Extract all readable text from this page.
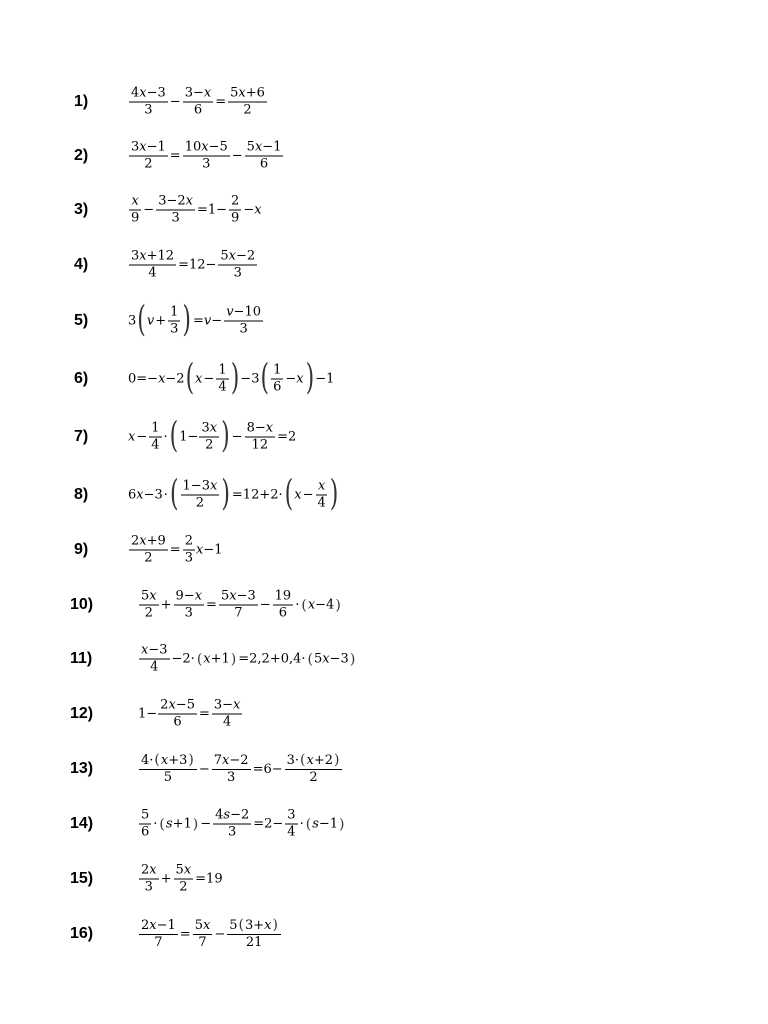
1)	$\frac{4x-3}{3} - \frac{3-x}{6} = \frac{5x+6}{2}$
2)	$\frac{3x-1}{2} = \frac{10x-5}{3} - \frac{5x-1}{6}$
3)	$\frac{x}{9} - \frac{3-2x}{3} =1- \frac{2}{9} -x$
4)	$\frac{3x+12}{4} =12- \frac{5x-2}{3}$
5)	3 ( $v + \frac{1}{3}$ ) $=v- \frac{v-10}{3}$
6)	0=−x−2 ( $x - \frac{1}{4}$ ) −3 ( $\frac{1}{6} -x$ ) −1
7)	$x - \frac{1}{4}$ · ( $1- \frac{3x}{2}$ ) − $\frac{8-x}{12} =2$
8)	6x−3 · ( $\frac{1-3x}{2}$ ) =12+2· ( $x - \frac{x}{4}$ )
9)	$\frac{2x+9}{2} = \frac{2}{3} x-1$
10)	$\frac{5x}{2} + \frac{9-x}{3} = \frac{5x-3}{7} - \frac{19}{6}$ · ( x −4 )
11)	$\frac{x-3}{4} -2\cdot$ ( x +1 ) =2,2+0,4· ( 5 x −3 )
12)	$1- \frac{2x-5}{6} = \frac{3-x}{4}$
13)	$\frac{4\cdot(x+3)}{5} - \frac{7x-2}{3} =6- \frac{3\cdot(x+2)}{2}$
14)	$\frac{5}{6}$ · ( s +1 ) − $\frac{4s-2}{3} =2- \frac{3}{4}$ · ( s −1 )
15)	$\frac{2x}{3} + \frac{5x}{2} =19$
16)	$\frac{2x-1}{7} = \frac{5x}{7} - \frac{5(3+x)}{21}$
